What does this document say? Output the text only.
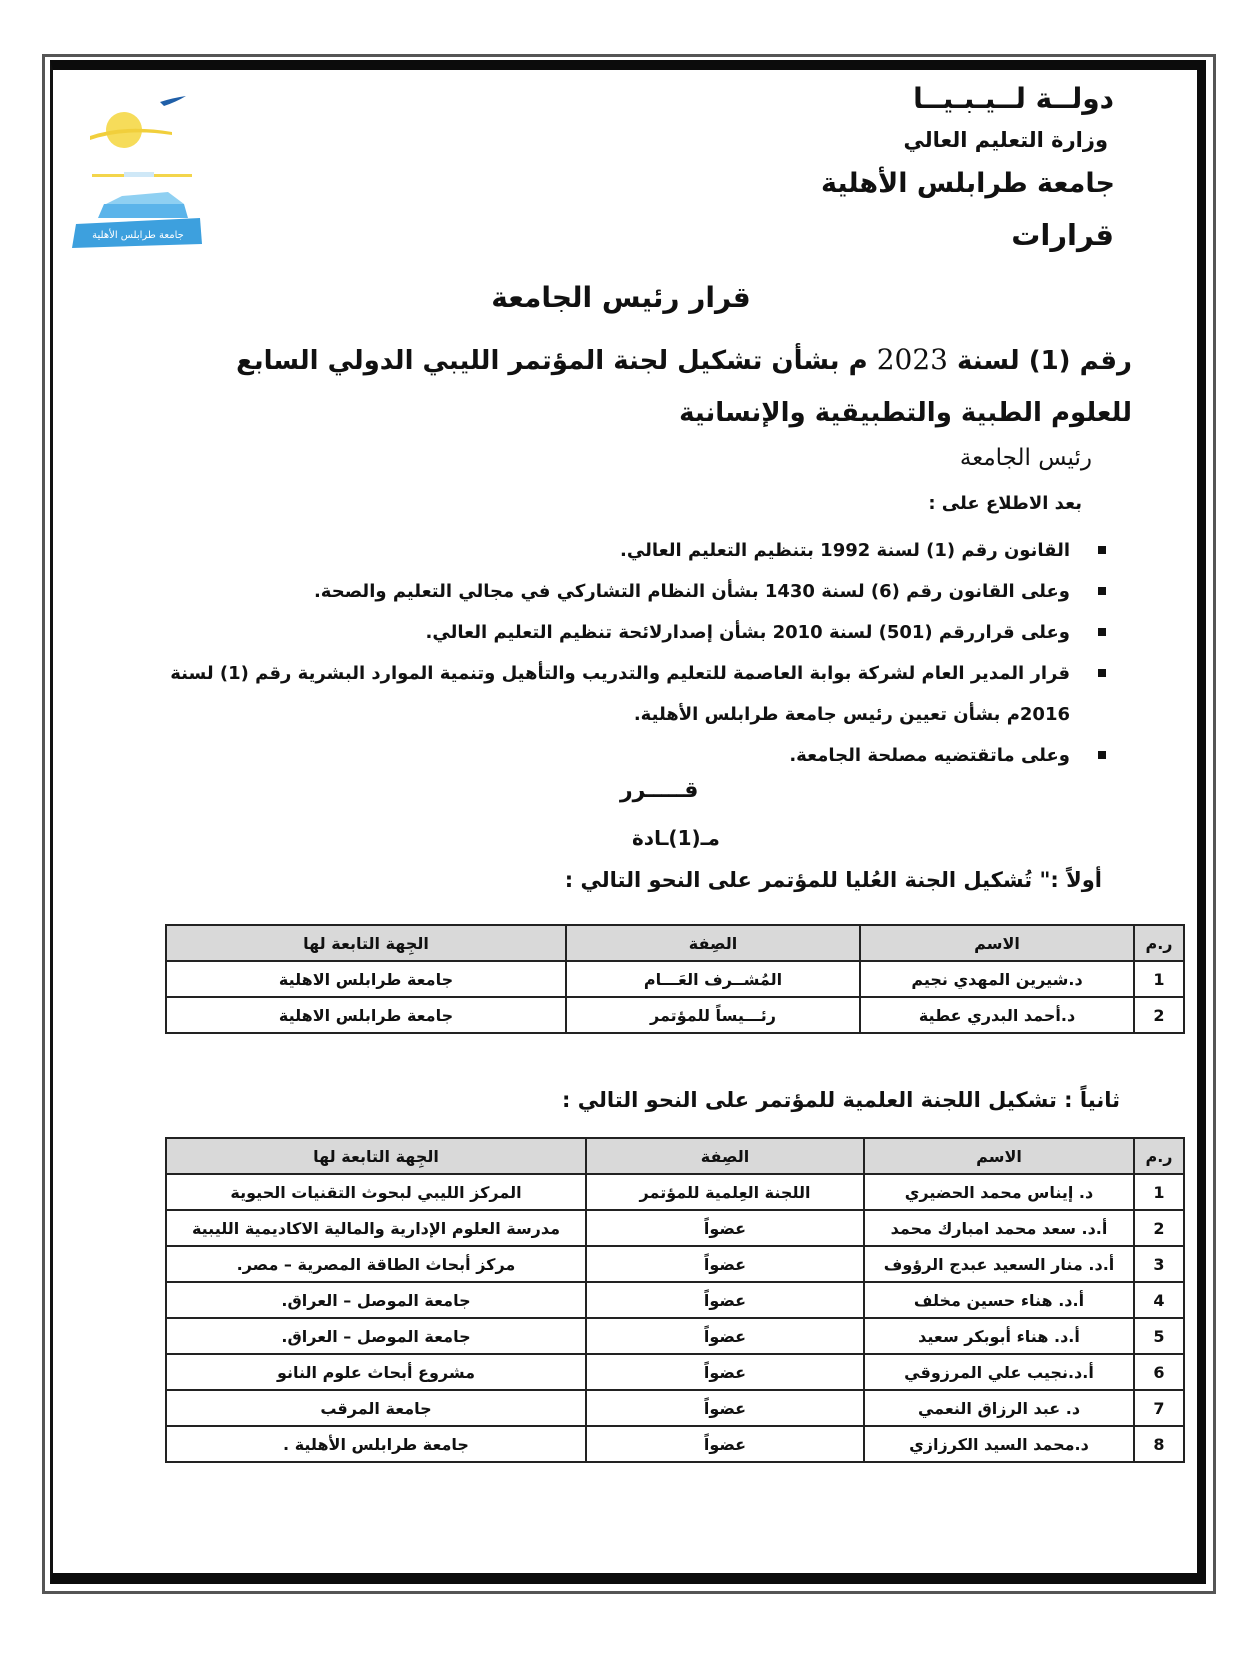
جامعة طرابلس الأهلية
دولــة لــيـبـيــا
وزارة التعليم العالي
جامعة طرابلس الأهلية
قرارات
قرار رئيس الجامعة
رقم (1) لسنة 2023 م بشأن تشكيل لجنة المؤتمر الليبي الدولي السابع للعلوم الطبية والتطبيقية والإنسانية
رئيس الجامعة
بعد الاطلاع على :
القانون رقم (1) لسنة 1992 بتنظيم التعليم العالي.
وعلى القانون رقم (6) لسنة 1430 بشأن النظام التشاركي في مجالي التعليم والصحة.
وعلى قراررقم (501) لسنة 2010 بشأن إصدارلائحة تنظيم التعليم العالي.
قرار المدير العام لشركة بوابة العاصمة للتعليم والتدريب والتأهيل وتنمية الموارد البشرية رقم (1) لسنة 2016م بشأن تعيين رئيس جامعة طرابلس الأهلية.
وعلى ماتقتضيه مصلحة الجامعة.
قـــــرر
مـ(1)ـادة
أولاً :" تُشكيل الجنة العُليا للمؤتمر على النحو التالي :
ر.م	الاسم	الصِفة	الجِهة التابعة لها
1	د.شيرين المهدي نجيم	المُشــرف العَـــام	جامعة طرابلس الاهلية
2	د.أحمد البدري عطية	رئـــيساً للمؤتمر	جامعة طرابلس الاهلية
ثانياً : تشكيل اللجنة العلمية للمؤتمر على النحو التالي :
ر.م	الاسم	الصِفة	الجِهة التابعة لها
1	د. إيناس محمد الحضيري	اللجنة العِلمية للمؤتمر	المركز الليبي لبحوث التقنيات الحيوية
2	أ.د. سعد محمد امبارك محمد	عضواً	مدرسة العلوم الإدارية والمالية الاكاديمية الليبية
3	أ.د. منار السعيد عبدج الرؤوف	عضواً	مركز أبحاث الطاقة المصرية – مصر.
4	أ.د. هناء حسين مخلف	عضواً	جامعة الموصل – العراق.
5	أ.د. هناء أبوبكر سعيد	عضواً	جامعة الموصل – العراق.
6	أ.د.نجيب علي المرزوقي	عضواً	مشروع أبحاث علوم النانو
7	د. عبد الرزاق النعمي	عضواً	جامعة المرقب
8	د.محمد السيد الكرزازي	عضواً	جامعة طرابلس الأهلية .
